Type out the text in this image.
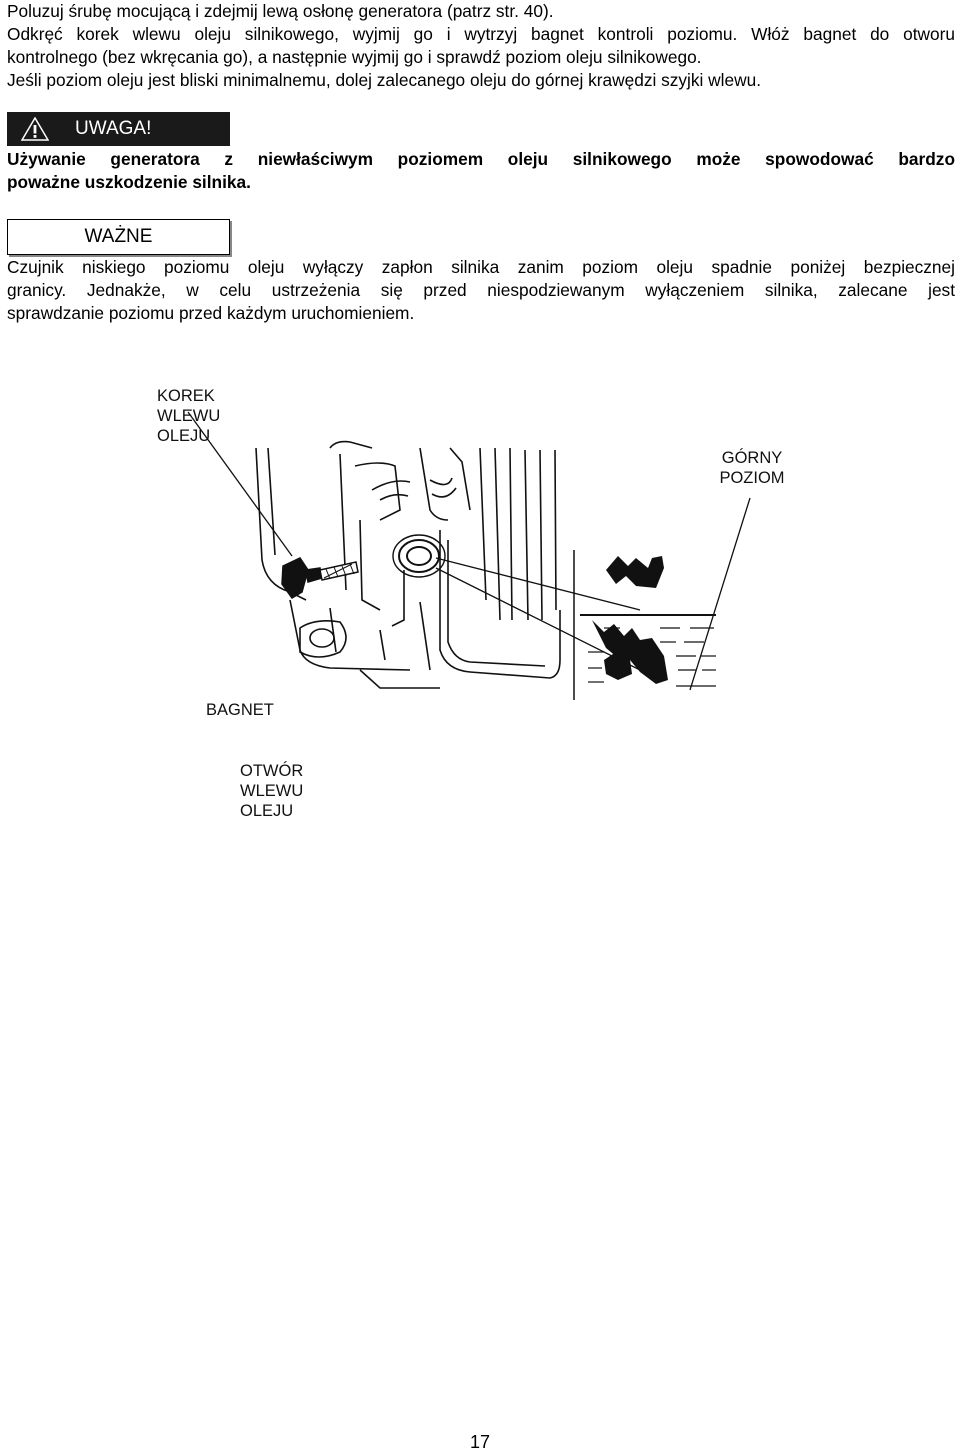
Poluzuj śrubę mocującą i zdejmij lewą osłonę generatora (patrz str. 40).
Odkręć korek wlewu oleju silnikowego, wyjmij go i wytrzyj bagnet kontroli poziomu. Włóż bagnet do otworu
kontrolnego (bez wkręcania go), a następnie wyjmij go i sprawdź poziom oleju silnikowego.
Jeśli poziom oleju jest bliski minimalnemu, dolej zalecanego oleju do górnej krawędzi szyjki wlewu.
UWAGA!
Używanie generatora z niewłaściwym poziomem oleju silnikowego może spowodować bardzo
poważne uszkodzenie silnika.
WAŻNE
Czujnik niskiego poziomu oleju wyłączy zapłon silnika zanim poziom oleju spadnie poniżej bezpiecznej
granicy. Jednakże, w celu ustrzeżenia się przed niespodziewanym wyłączeniem silnika, zalecane jest
sprawdzanie poziomu przed każdym uruchomieniem.
KOREK WLEWU OLEJU
GÓRNY
POZIOM
BAGNET
OTWÓR WLEWU OLEJU
17
